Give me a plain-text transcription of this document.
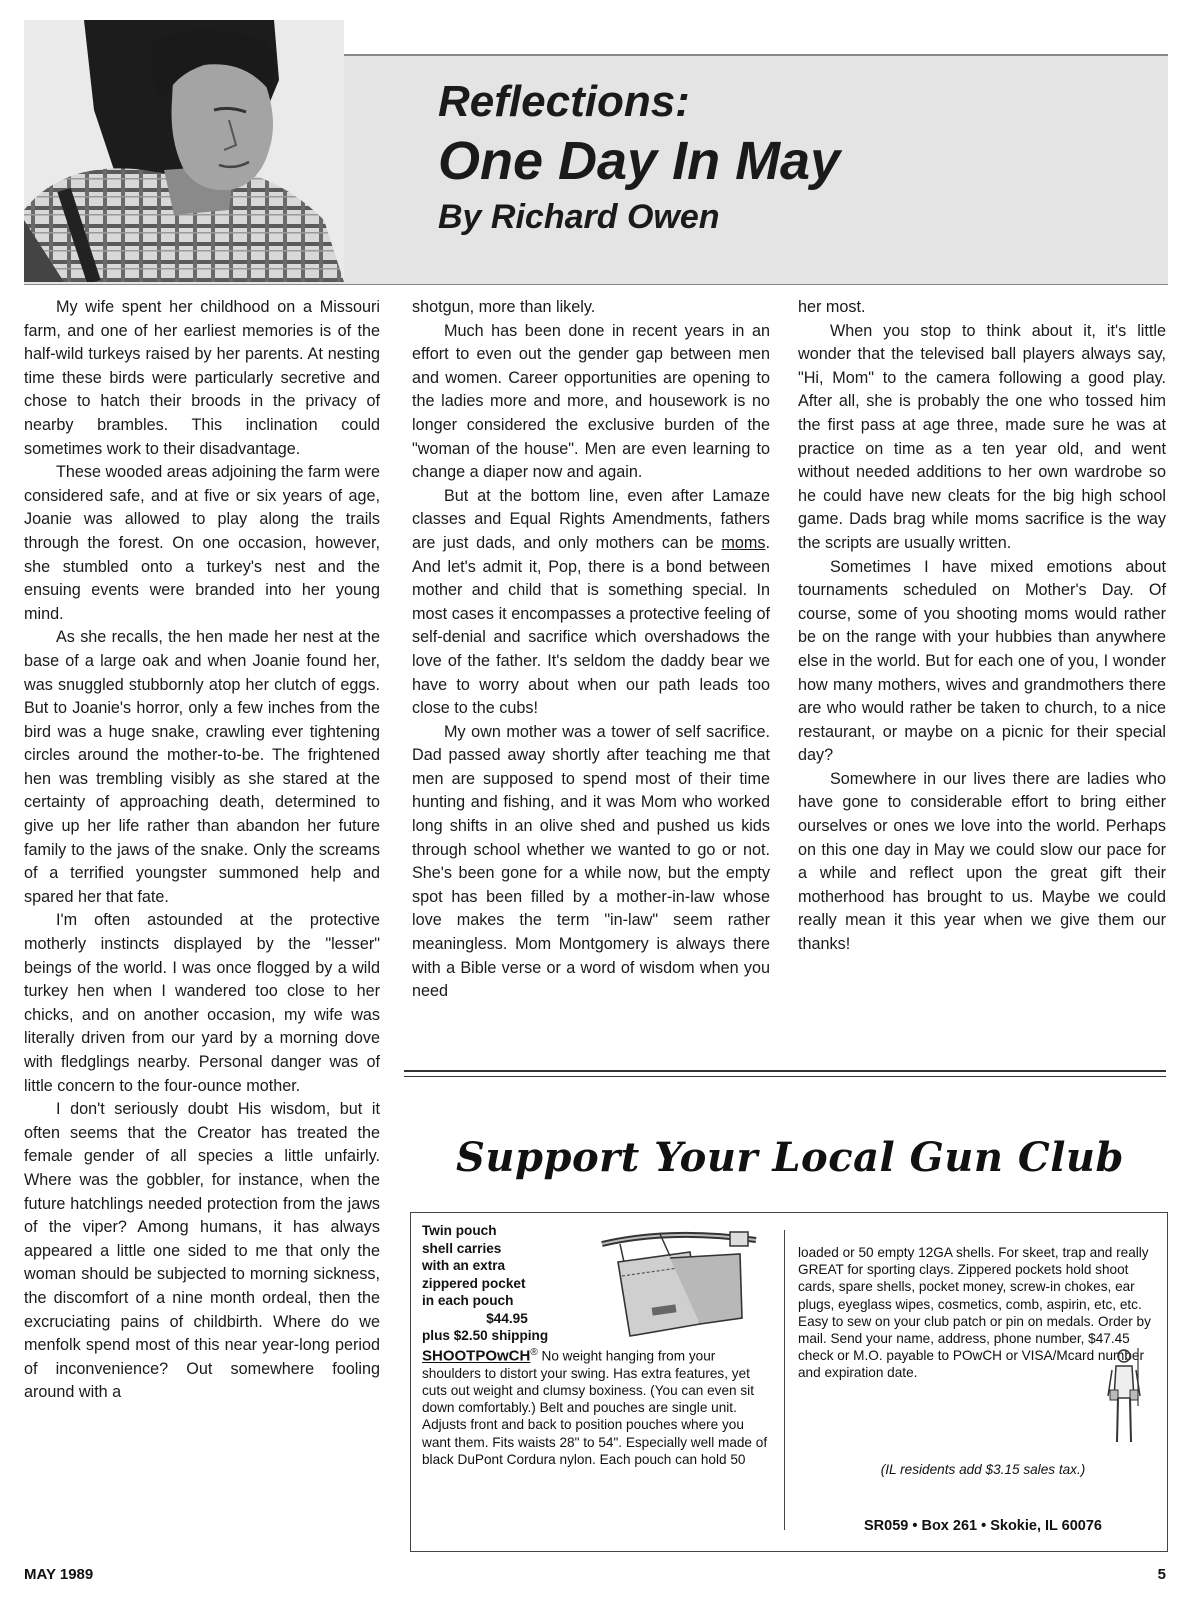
Reflections:
One Day In May
By Richard Owen

My wife spent her childhood on a Missouri farm, and one of her earliest memories is of the half-wild turkeys raised by her parents. At nesting time these birds were particularly secretive and chose to hatch their broods in the privacy of nearby brambles. This inclination could sometimes work to their disadvantage.

These wooded areas adjoining the farm were considered safe, and at five or six years of age, Joanie was allowed to play along the trails through the forest. On one occasion, however, she stumbled onto a turkey's nest and the ensuing events were branded into her young mind.

As she recalls, the hen made her nest at the base of a large oak and when Joanie found her, was snuggled stubbornly atop her clutch of eggs. But to Joanie's horror, only a few inches from the bird was a huge snake, crawling ever tightening circles around the mother-to-be. The frightened hen was trembling visibly as she stared at the certainty of approaching death, determined to give up her life rather than abandon her future family to the jaws of the snake. Only the screams of a terrified youngster summoned help and spared her that fate.

I'm often astounded at the protective motherly instincts displayed by the "lesser" beings of the world. I was once flogged by a wild turkey hen when I wandered too close to her chicks, and on another occasion, my wife was literally driven from our yard by a morning dove with fledglings nearby. Personal danger was of little concern to the four-ounce mother.

I don't seriously doubt His wisdom, but it often seems that the Creator has treated the female gender of all species a little unfairly. Where was the gobbler, for instance, when the future hatchlings needed protection from the jaws of the viper? Among humans, it has always appeared a little one sided to me that only the woman should be subjected to morning sickness, the discomfort of a nine month ordeal, then the excruciating pains of childbirth. Where do we menfolk spend most of this near year-long period of inconvenience? Out somewhere fooling around with a

shotgun, more than likely.

Much has been done in recent years in an effort to even out the gender gap between men and women. Career opportunities are opening to the ladies more and more, and housework is no longer considered the exclusive burden of the "woman of the house". Men are even learning to change a diaper now and again.

But at the bottom line, even after Lamaze classes and Equal Rights Amendments, fathers are just dads, and only mothers can be moms. And let's admit it, Pop, there is a bond between mother and child that is something special. In most cases it encompasses a protective feeling of self-denial and sacrifice which overshadows the love of the father. It's seldom the daddy bear we have to worry about when our path leads too close to the cubs!

My own mother was a tower of self sacrifice. Dad passed away shortly after teaching me that men are supposed to spend most of their time hunting and fishing, and it was Mom who worked long shifts in an olive shed and pushed us kids through school whether we wanted to go or not. She's been gone for a while now, but the empty spot has been filled by a mother-in-law whose love makes the term "in-law" seem rather meaningless. Mom Montgomery is always there with a Bible verse or a word of wisdom when you need

her most.

When you stop to think about it, it's little wonder that the televised ball players always say, "Hi, Mom" to the camera following a good play. After all, she is probably the one who tossed him the first pass at age three, made sure he was at practice on time as a ten year old, and went without needed additions to her own wardrobe so he could have new cleats for the big high school game. Dads brag while moms sacrifice is the way the scripts are usually written.

Sometimes I have mixed emotions about tournaments scheduled on Mother's Day. Of course, some of you shooting moms would rather be on the range with your hubbies than anywhere else in the world. But for each one of you, I wonder how many mothers, wives and grandmothers there are who would rather be taken to church, to a nice restaurant, or maybe on a picnic for their special day?

Somewhere in our lives there are ladies who have gone to considerable effort to bring either ourselves or ones we love into the world. Perhaps on this one day in May we could slow our pace for a while and reflect upon the great gift their motherhood has brought to us. Maybe we could really mean it this year when we give them our thanks!

Support Your Local Gun Club
Twin pouch
shell carries
with an extra
zippered pocket
in each pouch
$44.95
plus $2.50 shipping
SHOOTPOwCH® No weight hanging from your shoulders to distort your swing. Has extra features, yet cuts out weight and clumsy boxiness. (You can even sit down comfortably.) Belt and pouches are single unit. Adjusts front and back to position pouches where you want them. Fits waists 28" to 54". Especially well made of black DuPont Cordura nylon. Each pouch can hold 50
loaded or 50 empty 12GA shells. For skeet, trap and really GREAT for sporting clays. Zippered pockets hold shoot cards, spare shells, pocket money, screw-in chokes, ear plugs, eyeglass wipes, cosmetics, comb, aspirin, etc, etc. Easy to sew on your club patch or pin on medals. Order by mail. Send your name, address, phone number, $47.45 check or M.O. payable to POwCH or VISA/Mcard number and expiration date.
(IL residents add $3.15 sales tax.)
SR059 • Box 261 • Skokie, IL 60076
MAY 1989	5
